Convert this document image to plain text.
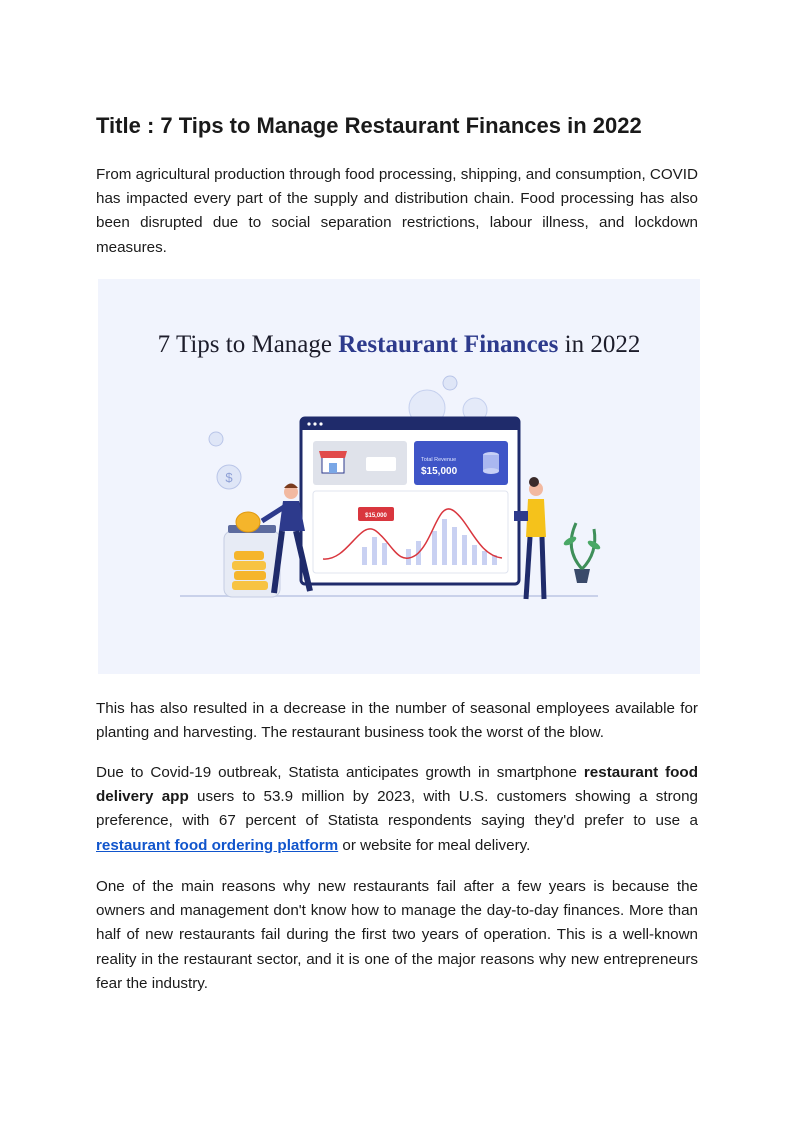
Title : 7 Tips to Manage Restaurant Finances in 2022

From agricultural production through food processing, shipping, and consumption, COVID has impacted every part of the supply and distribution chain. Food processing has also been disrupted due to social separation restrictions, labour illness, and lockdown measures.

7 Tips to Manage Restaurant Finances in 2022
$
Total Revenue
$15,000
$15,000

This has also resulted in a decrease in the number of seasonal employees available for planting and harvesting. The restaurant business took the worst of the blow.

Due to Covid-19 outbreak, Statista anticipates growth in smartphone restaurant food delivery app users to 53.9 million by 2023, with U.S. customers showing a strong preference, with 67 percent of Statista respondents saying they'd prefer to use a restaurant food ordering platform or website for meal delivery.

One of the main reasons why new restaurants fail after a few years is because the owners and management don't know how to manage the day-to-day finances. More than half of new restaurants fail during the first two years of operation. This is a well-known reality in the restaurant sector, and it is one of the major reasons why new entrepreneurs fear the industry.
